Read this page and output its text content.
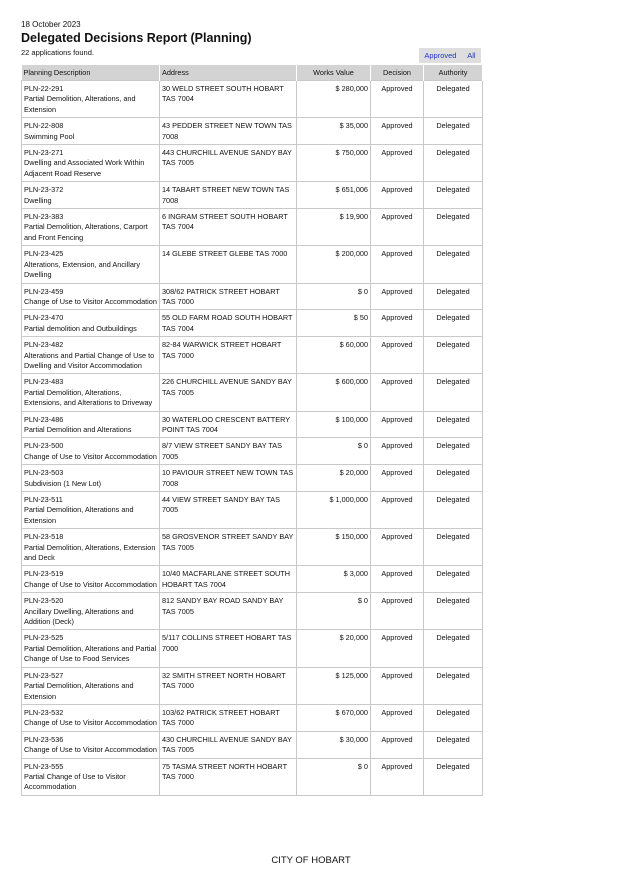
18 October 2023
Delegated Decisions Report (Planning)
22 applications found.	Approved All
Planning Description	Address	Works Value	Decision	Authority

PLN-22-291
Partial Demolition, Alterations, and Extension	30 WELD STREET SOUTH HOBART TAS 7004	$ 280,000	Approved	Delegated

PLN-22-808
Swimming Pool	43 PEDDER STREET NEW TOWN TAS 7008	$ 35,000	Approved	Delegated

PLN-23-271
Dwelling and Associated Work Within Adjacent Road Reserve	443 CHURCHILL AVENUE SANDY BAY TAS 7005	$ 750,000	Approved	Delegated

PLN-23-372
Dwelling	14 TABART STREET NEW TOWN TAS 7008	$ 651,006	Approved	Delegated

PLN-23-383
Partial Demolition, Alterations, Carport and Front Fencing	6 INGRAM STREET SOUTH HOBART TAS 7004	$ 19,900	Approved	Delegated

PLN-23-425
Alterations, Extension, and Ancillary Dwelling	14 GLEBE STREET GLEBE TAS 7000	$ 200,000	Approved	Delegated

PLN-23-459
Change of Use to Visitor Accommodation	308/62 PATRICK STREET HOBART TAS 7000	$ 0	Approved	Delegated

PLN-23-470
Partial demolition and Outbuildings	55 OLD FARM ROAD SOUTH HOBART TAS 7004	$ 50	Approved	Delegated

PLN-23-482
Alterations and Partial Change of Use to Dwelling and Visitor Accommodation	82-84 WARWICK STREET HOBART TAS 7000	$ 60,000	Approved	Delegated

PLN-23-483
Partial Demolition, Alterations, Extensions, and Alterations to Driveway	226 CHURCHILL AVENUE SANDY BAY TAS 7005	$ 600,000	Approved	Delegated

PLN-23-486
Partial Demolition and Alterations	30 WATERLOO CRESCENT BATTERY POINT TAS 7004	$ 100,000	Approved	Delegated

PLN-23-500
Change of Use to Visitor Accommodation	8/7 VIEW STREET SANDY BAY TAS 7005	$ 0	Approved	Delegated

PLN-23-503
Subdivision (1 New Lot)	10 PAVIOUR STREET NEW TOWN TAS 7008	$ 20,000	Approved	Delegated

PLN-23-511
Partial Demolition, Alterations and Extension	44 VIEW STREET SANDY BAY TAS 7005	$ 1,000,000	Approved	Delegated

PLN-23-518
Partial Demolition, Alterations, Extension and Deck	58 GROSVENOR STREET SANDY BAY TAS 7005	$ 150,000	Approved	Delegated

PLN-23-519
Change of Use to Visitor Accommodation	10/40 MACFARLANE STREET SOUTH HOBART TAS 7004	$ 3,000	Approved	Delegated

PLN-23-520
Ancillary Dwelling, Alterations and Addition (Deck)	812 SANDY BAY ROAD SANDY BAY TAS 7005	$ 0	Approved	Delegated

PLN-23-525
Partial Demolition, Alterations and Partial Change of Use to Food Services	5/117 COLLINS STREET HOBART TAS 7000	$ 20,000	Approved	Delegated

PLN-23-527
Partial Demolition, Alterations and Extension	32 SMITH STREET NORTH HOBART TAS 7000	$ 125,000	Approved	Delegated

PLN-23-532
Change of Use to Visitor Accommodation	103/62 PATRICK STREET HOBART TAS 7000	$ 670,000	Approved	Delegated

PLN-23-536
Change of Use to Visitor Accommodation	430 CHURCHILL AVENUE SANDY BAY TAS 7005	$ 30,000	Approved	Delegated

PLN-23-555
Partial Change of Use to Visitor Accommodation	75 TASMA STREET NORTH HOBART TAS 7000	$ 0	Approved	Delegated
CITY OF HOBART
